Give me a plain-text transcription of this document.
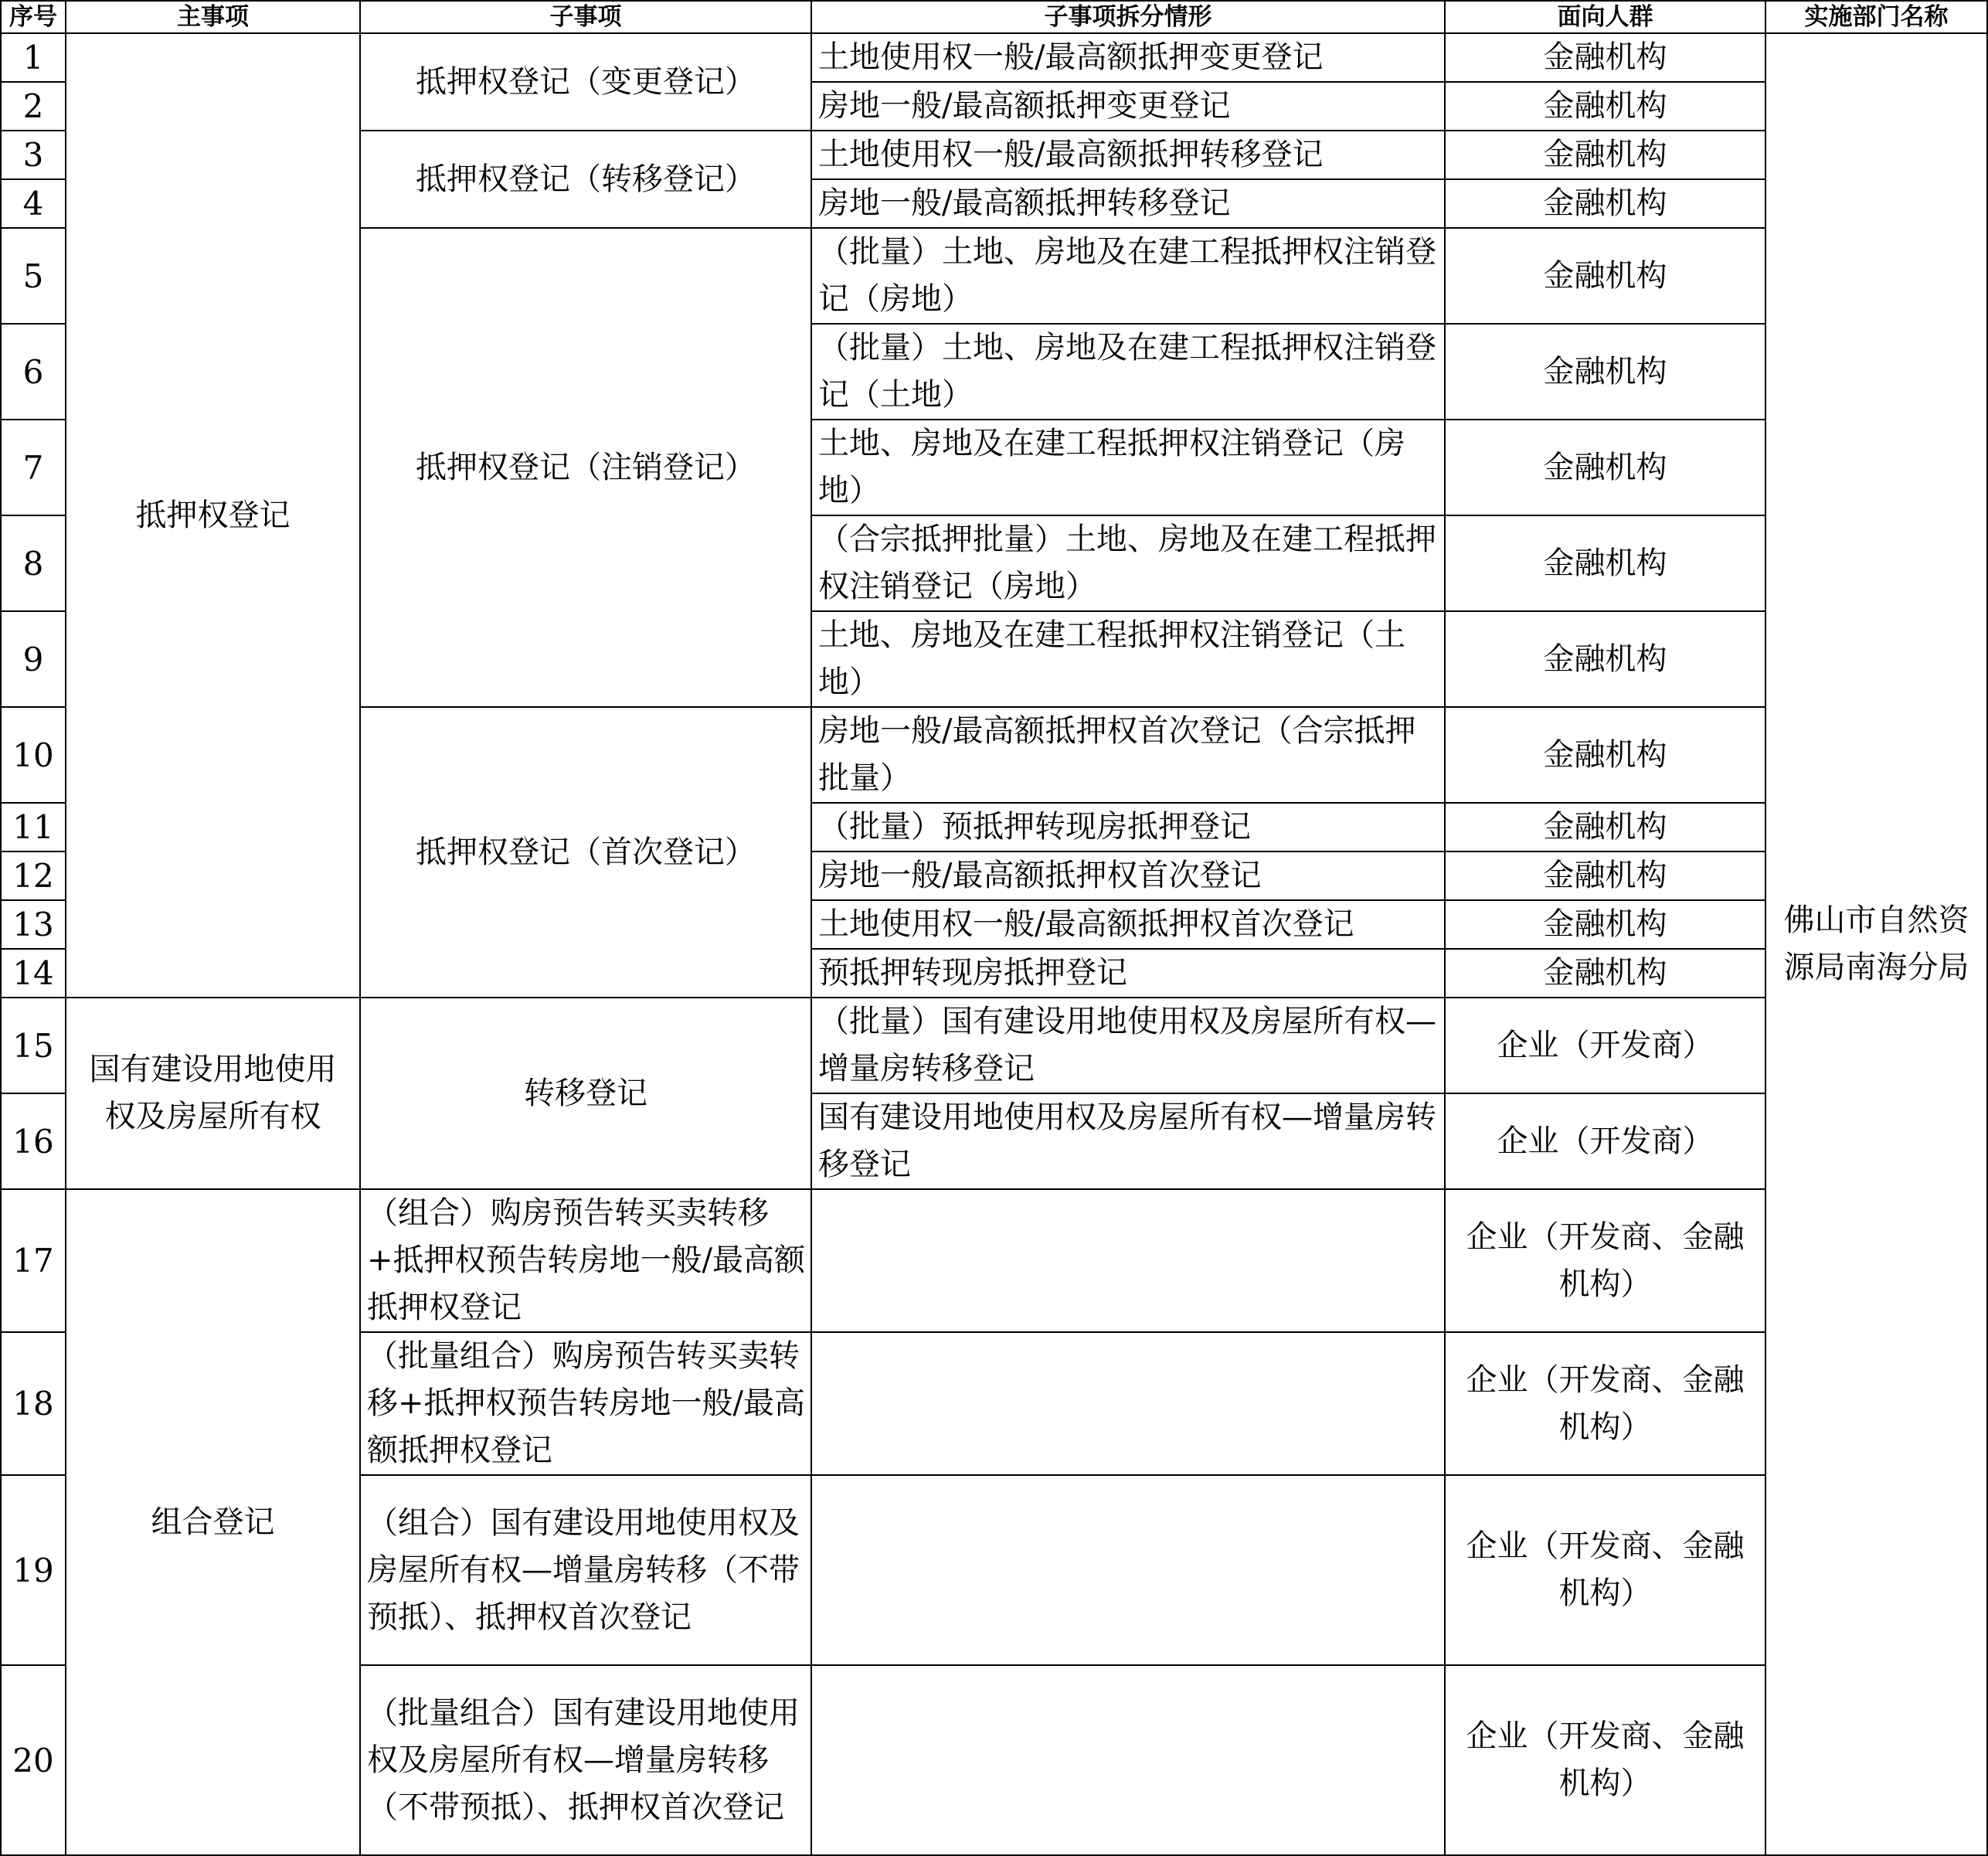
序号	主事项	子事项	子事项拆分情形	面向人群	实施部门名称
1	抵押权登记	抵押权登记（变更登记）	土地使用权一般/最高额抵押变更登记	金融机构	佛山市自然资源局南海分局
2			房地一般/最高额抵押变更登记	金融机构	
3		抵押权登记（转移登记）	土地使用权一般/最高额抵押转移登记	金融机构	
4			房地一般/最高额抵押转移登记	金融机构	
5		抵押权登记（注销登记）	（批量）土地、房地及在建工程抵押权注销登记（房地）	金融机构	
6			（批量）土地、房地及在建工程抵押权注销登记（土地）	金融机构	
7			土地、房地及在建工程抵押权注销登记（房地）	金融机构	
8			（合宗抵押批量）土地、房地及在建工程抵押权注销登记（房地）	金融机构	
9			土地、房地及在建工程抵押权注销登记（土地）	金融机构	
10		抵押权登记（首次登记）	房地一般/最高额抵押权首次登记（合宗抵押批量）	金融机构	
11			（批量）预抵押转现房抵押登记	金融机构	
12			房地一般/最高额抵押权首次登记	金融机构	
13			土地使用权一般/最高额抵押权首次登记	金融机构	
14			预抵押转现房抵押登记	金融机构	
15	国有建设用地使用权及房屋所有权	转移登记	（批量）国有建设用地使用权及房屋所有权—增量房转移登记	企业（开发商）	
16			国有建设用地使用权及房屋所有权—增量房转移登记	企业（开发商）	
17	组合登记	（组合）购房预告转买卖转移+抵押权预告转房地一般/最高额抵押权登记		企业（开发商、金融机构）	
18		（批量组合）购房预告转买卖转移+抵押权预告转房地一般/最高额抵押权登记		企业（开发商、金融机构）	
19		（组合）国有建设用地使用权及房屋所有权—增量房转移（不带预抵）、抵押权首次登记		企业（开发商、金融机构）	
20		（批量组合）国有建设用地使用权及房屋所有权—增量房转移（不带预抵）、抵押权首次登记		企业（开发商、金融机构）	
